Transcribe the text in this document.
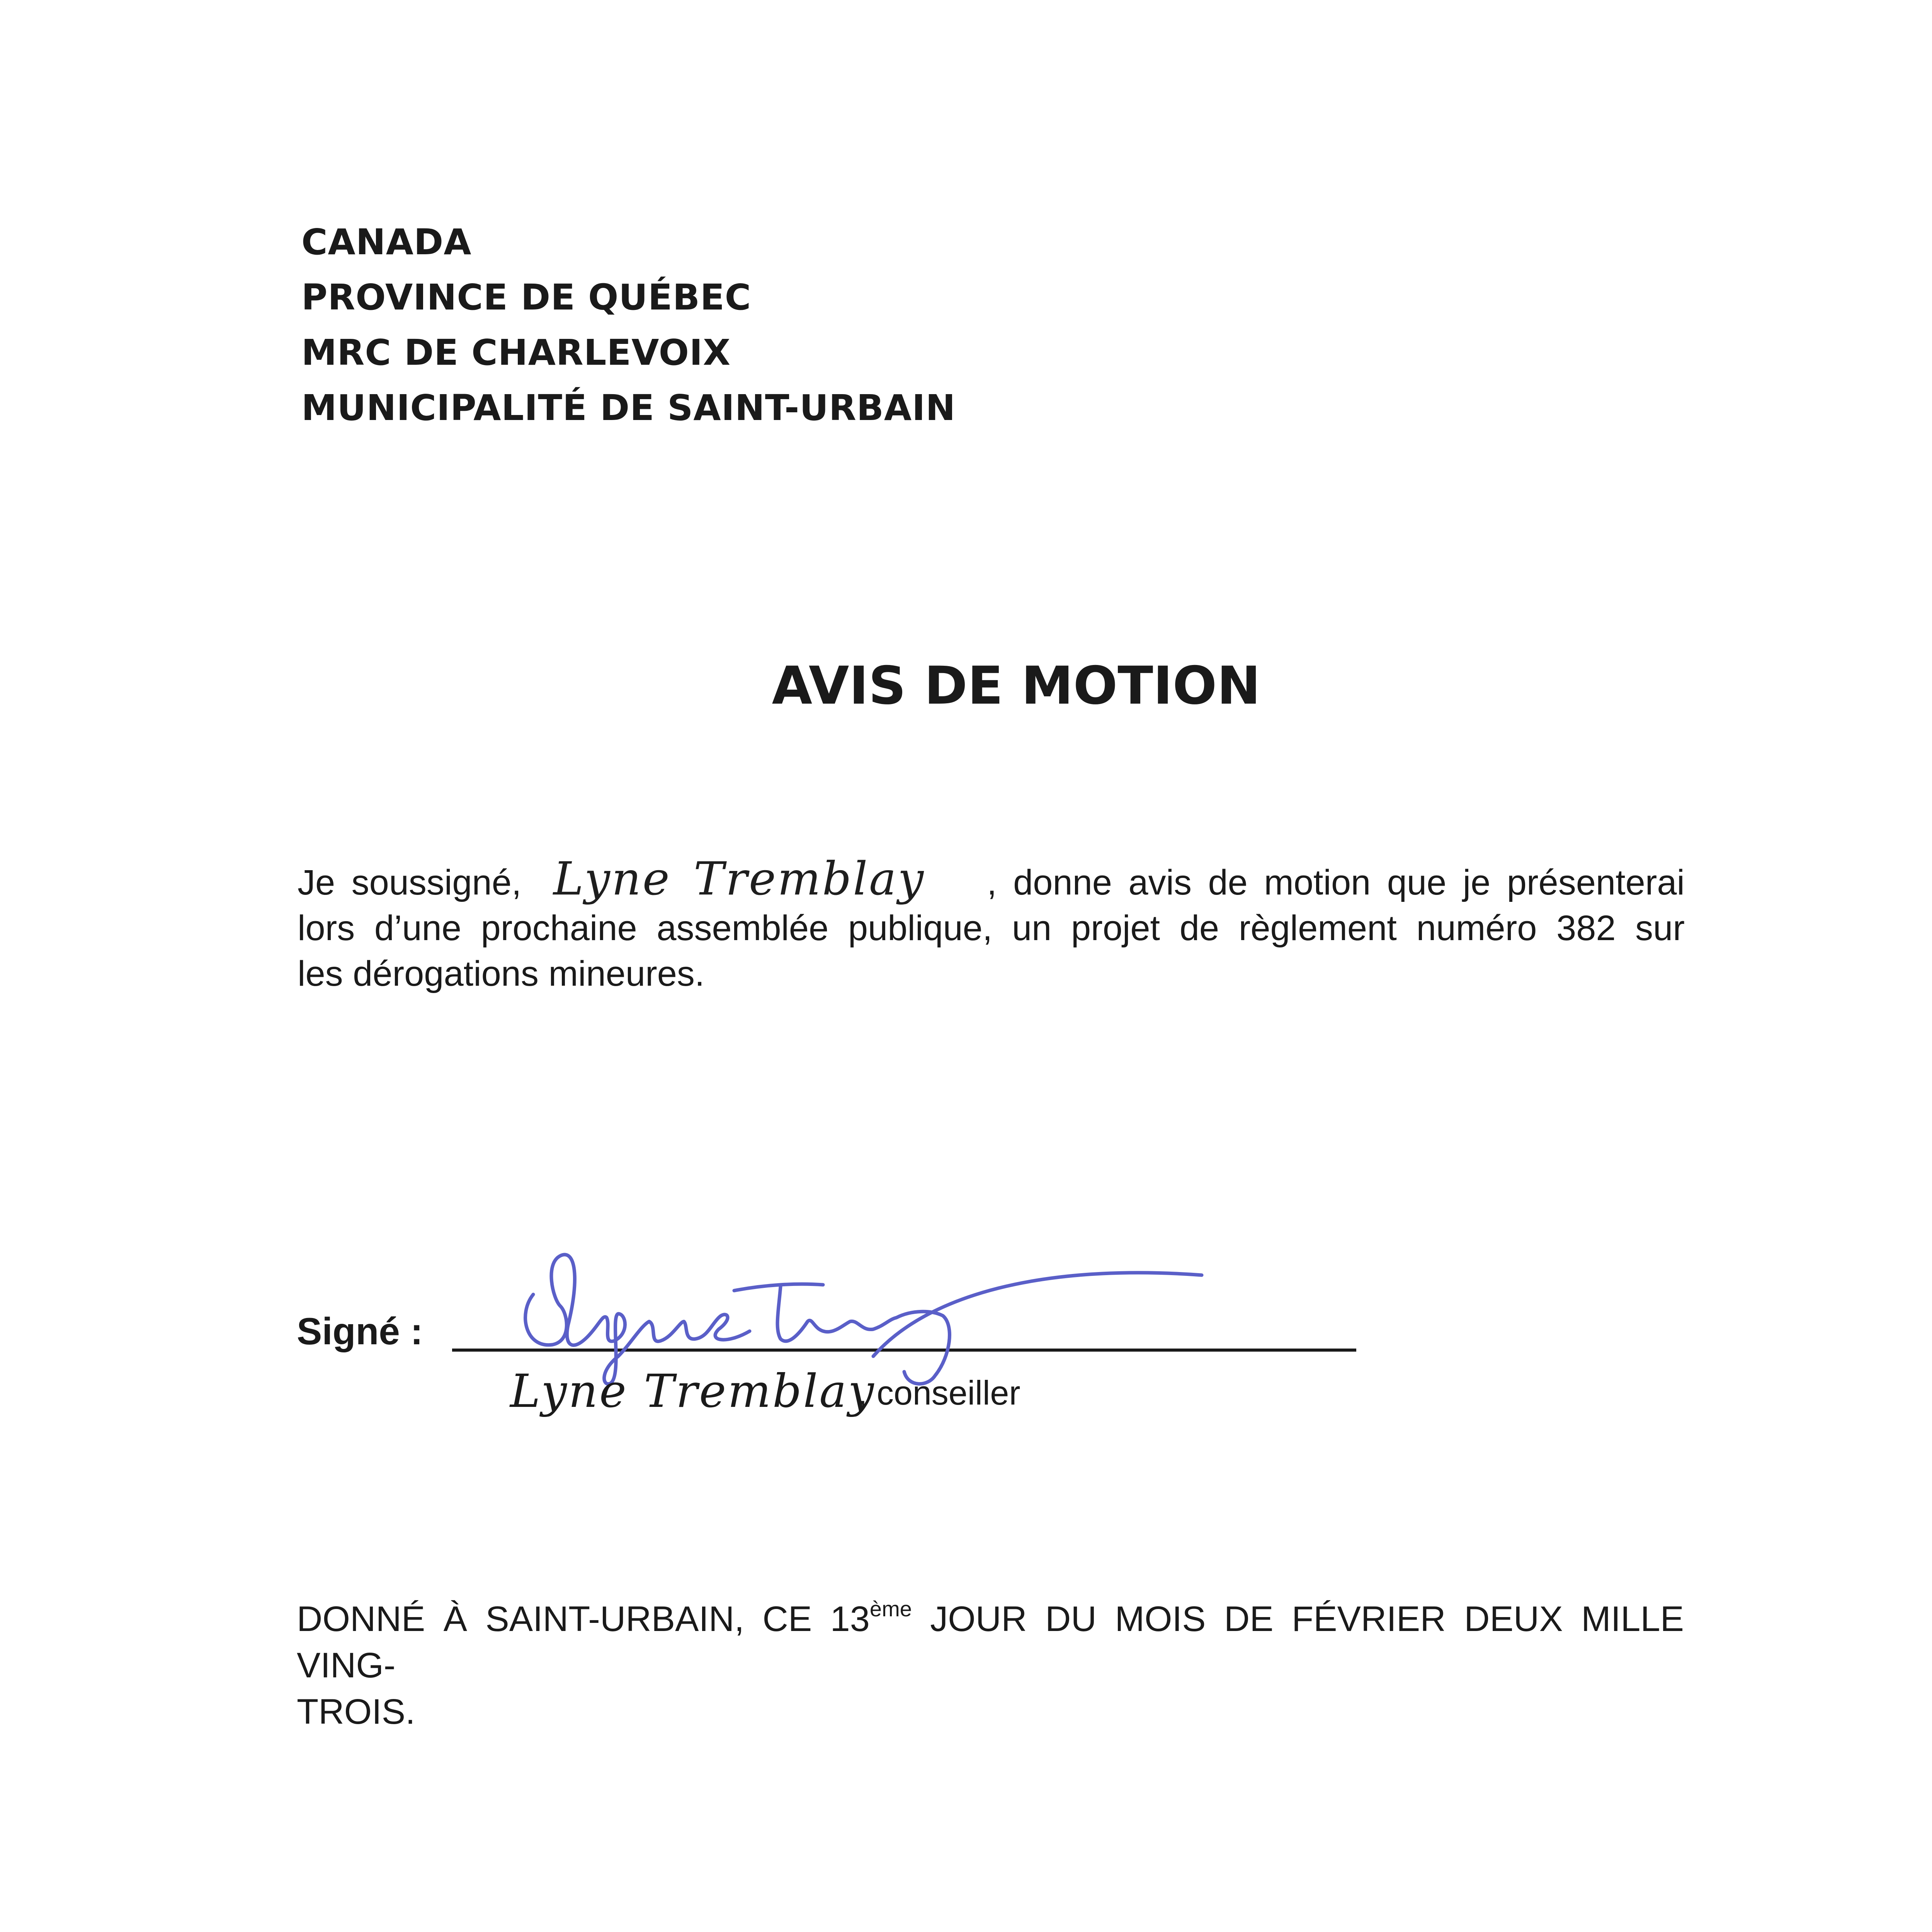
CANADA
PROVINCE DE QUÉBEC
MRC DE CHARLEVOIX
MUNICIPALITÉ DE SAINT-URBAIN
AVIS DE MOTION
Je soussigné, Lyne Tremblay , donne avis de motion que je présenterai
lors d’une prochaine assemblée publique, un projet de règlement numéro 382 sur
les dérogations mineures.
Signé :
Lyne Tremblay
, conseiller
DONNÉ À SAINT-URBAIN, CE 13ème JOUR DU MOIS DE FÉVRIER DEUX MILLE VING-
TROIS.
